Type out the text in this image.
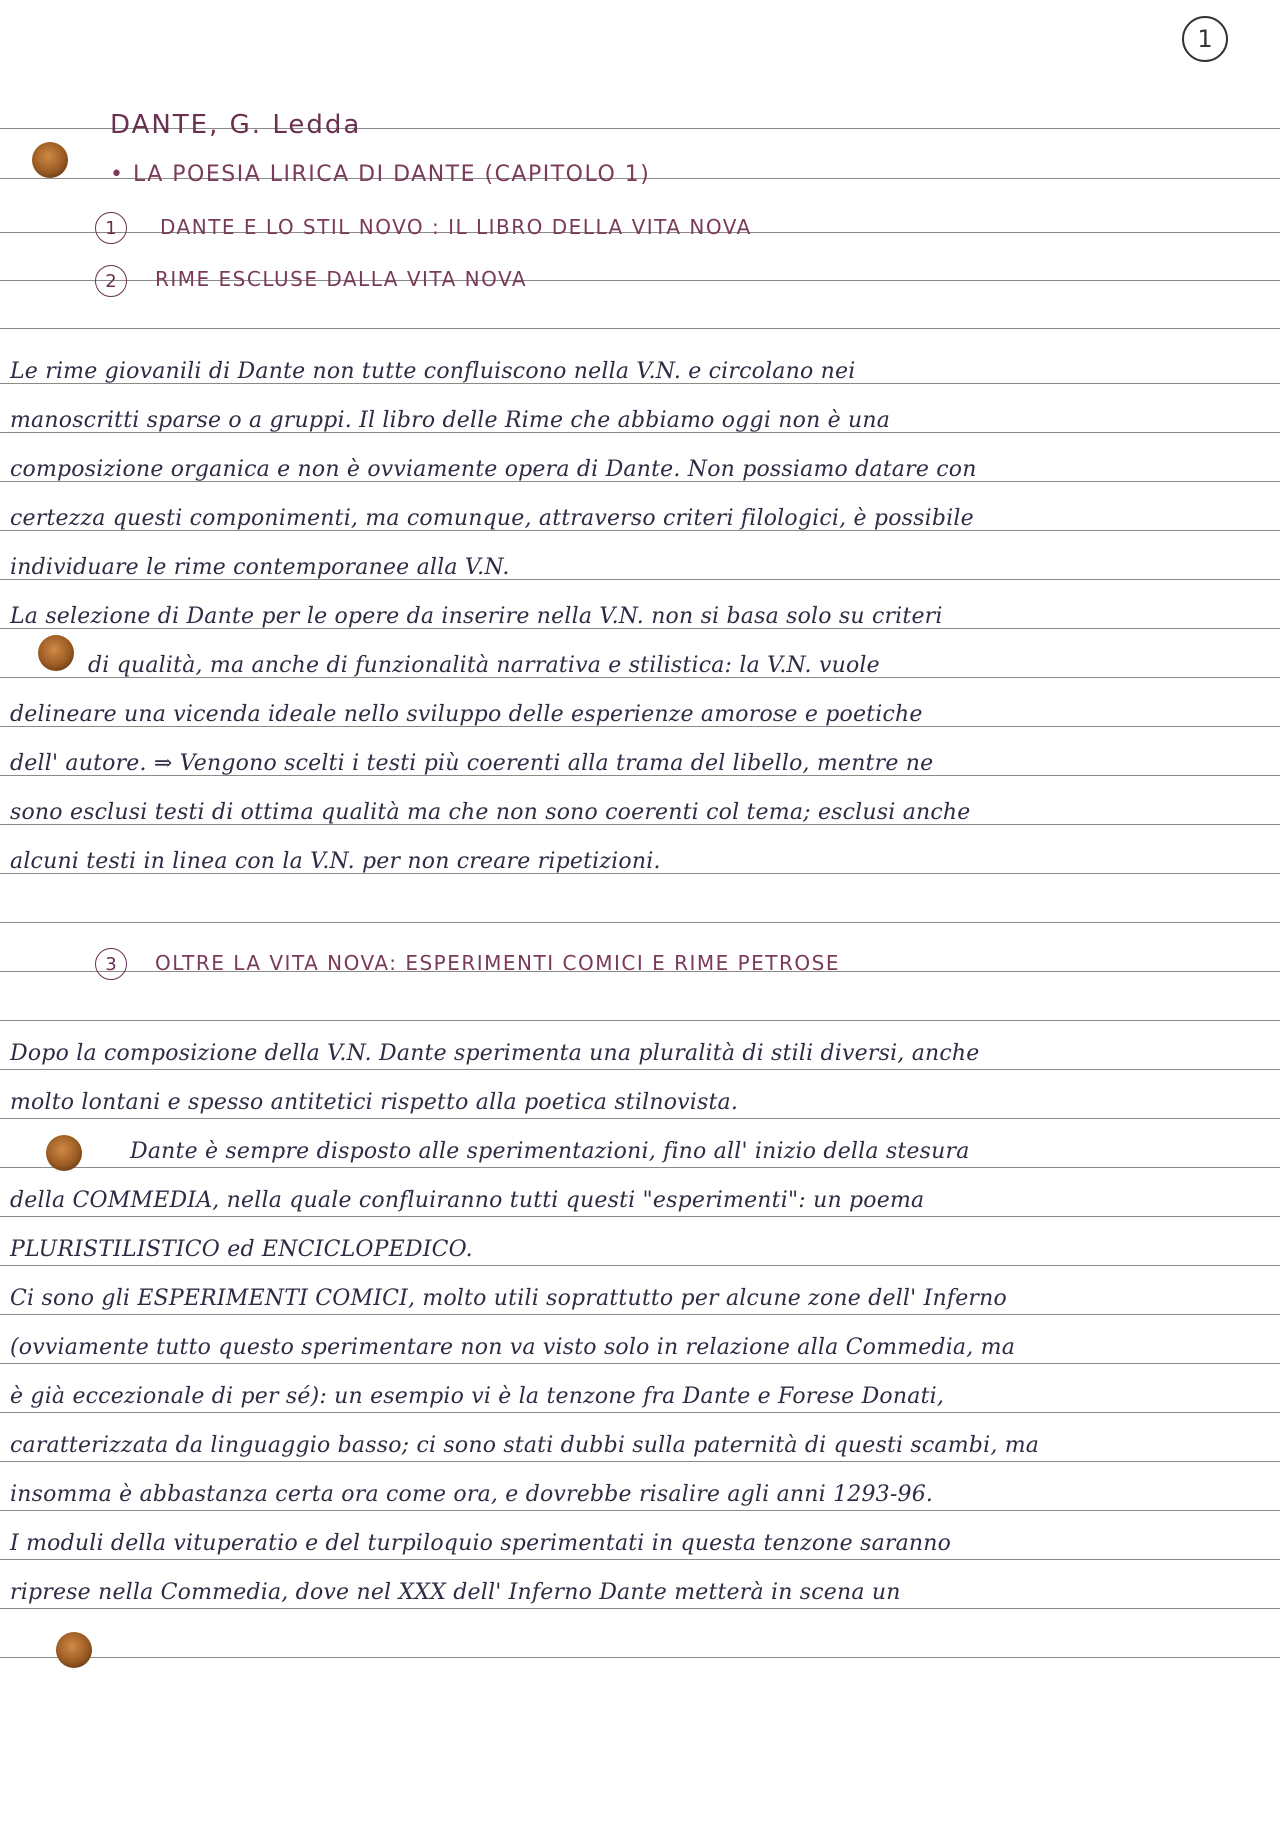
1
DANTE, G. Ledda
• LA POESIA LIRICA DI DANTE (CAPITOLO 1)
1	DANTE E LO STIL NOVO : IL LIBRO DELLA VITA NOVA
2	RIME ESCLUSE DALLA VITA NOVA
Le rime giovanili di Dante non tutte confluiscono nella V.N. e circolano nei
manoscritti sparse o a gruppi. Il libro delle Rime che abbiamo oggi non è una
composizione organica e non è ovviamente opera di Dante. Non possiamo datare con
certezza questi componimenti, ma comunque, attraverso criteri filologici, è possibile
individuare le rime contemporanee alla V.N.
La selezione di Dante per le opere da inserire nella V.N. non si basa solo su criteri
di qualità, ma anche di funzionalità narrativa e stilistica: la V.N. vuole
delineare una vicenda ideale nello sviluppo delle esperienze amorose e poetiche
dell' autore. ⇒ Vengono scelti i testi più coerenti alla trama del libello, mentre ne
sono esclusi testi di ottima qualità ma che non sono coerenti col tema; esclusi anche
alcuni testi in linea con la V.N. per non creare ripetizioni.
3	OLTRE LA VITA NOVA: ESPERIMENTI COMICI E RIME PETROSE
Dopo la composizione della V.N. Dante sperimenta una pluralità di stili diversi, anche
molto lontani e spesso antitetici rispetto alla poetica stilnovista.
Dante è sempre disposto alle sperimentazioni, fino all' inizio della stesura
della COMMEDIA, nella quale confluiranno tutti questi "esperimenti": un poema
PLURISTILISTICO ed ENCICLOPEDICO.
Ci sono gli ESPERIMENTI COMICI, molto utili soprattutto per alcune zone dell' Inferno
(ovviamente tutto questo sperimentare non va visto solo in relazione alla Commedia, ma
è già eccezionale di per sé): un esempio vi è la tenzone fra Dante e Forese Donati,
caratterizzata da linguaggio basso; ci sono stati dubbi sulla paternità di questi scambi, ma
insomma è abbastanza certa ora come ora, e dovrebbe risalire agli anni 1293-96.
I moduli della vituperatio e del turpiloquio sperimentati in questa tenzone saranno
riprese nella Commedia, dove nel XXX dell' Inferno Dante metterà in scena un
